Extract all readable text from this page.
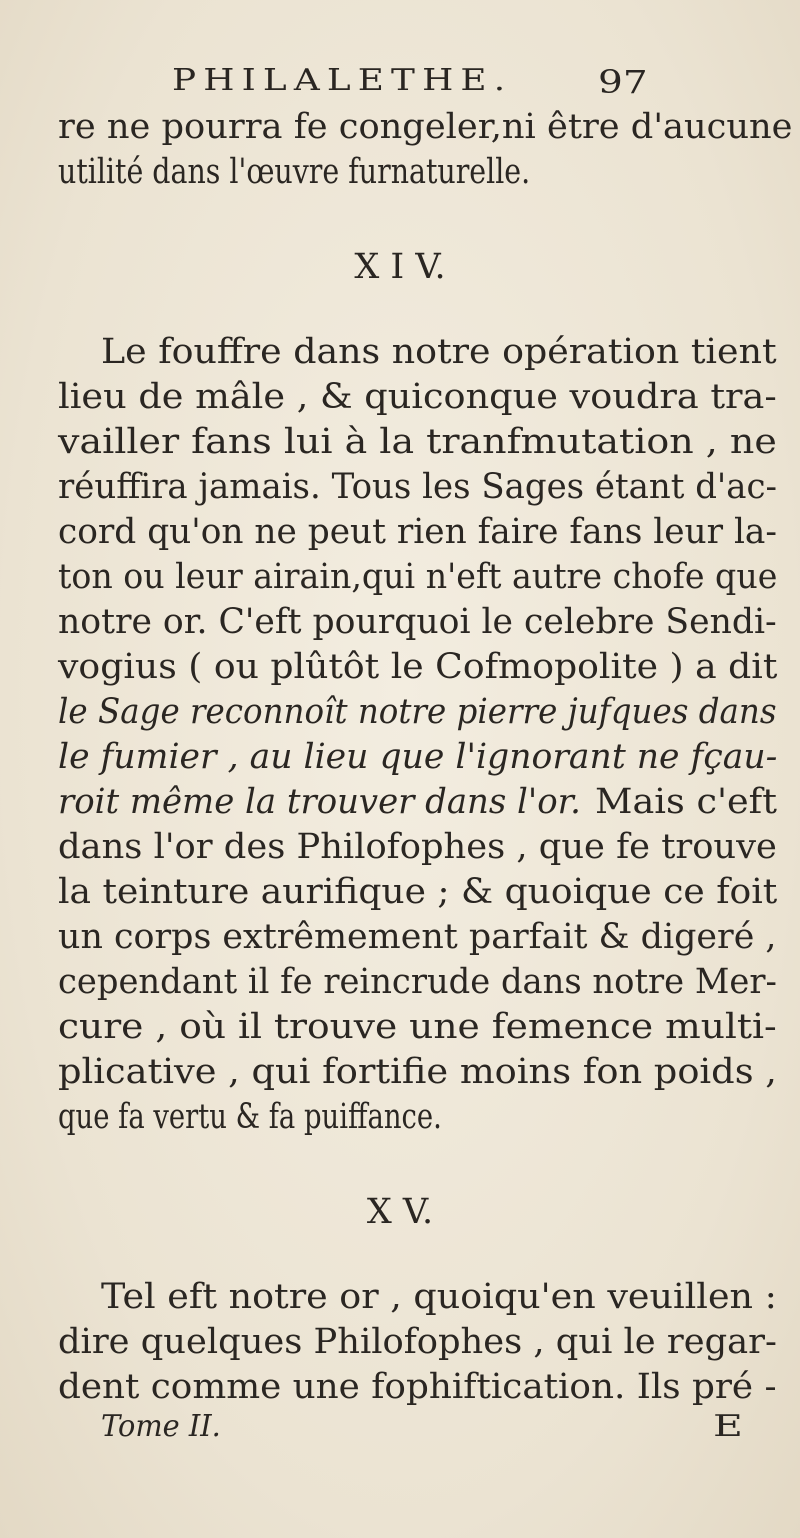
PHILALETHE.	97
re ne pourra fe congeler,ni être d'aucune
utilité dans l'œuvre furnaturelle.
X I V.
Le fouffre dans notre opération tient
lieu de mâle , & quiconque voudra tra-
vailler fans lui à la tranfmutation , ne
réuffira jamais. Tous les Sages étant d'ac-
cord qu'on ne peut rien faire fans leur la-
ton ou leur airain,qui n'eft autre chofe que
notre or. C'eft pourquoi le celebre Sendi-
vogius ( ou plûtôt le Cofmopolite ) a dit
le Sage reconnoît notre pierre jufques dans
le fumier , au lieu que l'ignorant ne fçau-
roit même la trouver dans l'or. Mais c'eft
dans l'or des Philofophes , que fe trouve
la teinture aurifique ; & quoique ce foit
un corps extrêmement parfait & digeré ,
cependant il fe reincrude dans notre Mer-
cure , où il trouve une femence multi-
plicative , qui fortifie moins fon poids ,
que fa vertu & fa puiffance.
X V.
Tel eft notre or , quoiqu'en veuillen :
dire quelques Philofophes , qui le regar-
dent comme une fophiftication. Ils pré -
Tome II.	E
